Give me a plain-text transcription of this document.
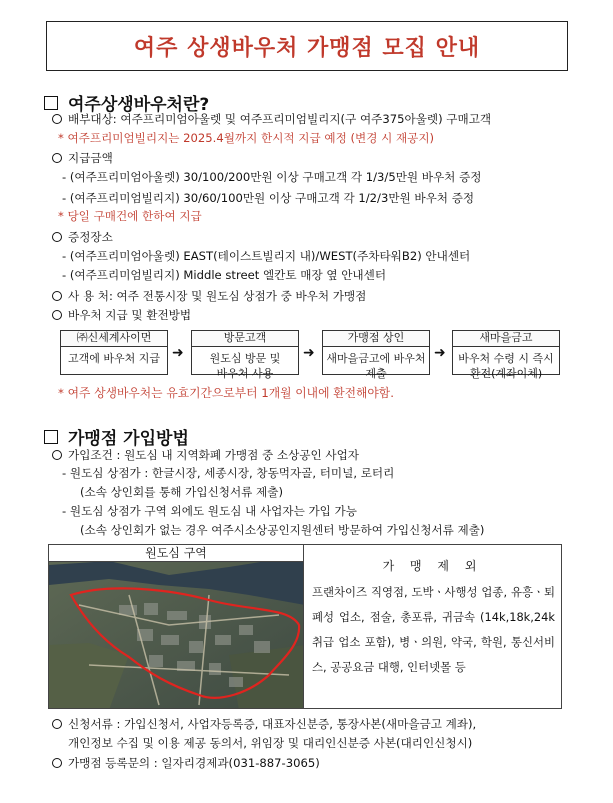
여주 상생바우처 가맹점 모집 안내
여주상생바우처란?
배부대상: 여주프리미엄아울렛 및 여주프리미엄빌리지(구 여주375아울렛) 구매고객
* 여주프리미엄빌리지는 2025.4월까지 한시적 지급 예정 (변경 시 재공지)
지급금액
- (여주프리미엄아울렛) 30/100/200만원 이상 구매고객 각 1/3/5만원 바우처 증정
- (여주프리미엄빌리지) 30/60/100만원 이상 구매고객 각 1/2/3만원 바우처 증정
* 당일 구매건에 한하여 지급
증정장소
- (여주프리미엄아울렛) EAST(테이스트빌리지 내)/WEST(주차타워B2) 안내센터
- (여주프리미엄빌리지) Middle street 엘칸토 매장 옆 안내센터
사 용 처: 여주 전통시장 및 원도심 상점가 중 바우처 가맹점
바우처 지급 및 환전방법
㈜신세계사이먼
고객에 바우처 지급 ➜
방문고객
원도심 방문 및
바우처 사용
➜
가맹점 상인
새마을금고에 바우처
제출
➜
새마을금고
바우처 수령 시 즉시
환전(계좌이체)
* 여주 상생바우처는 유효기간으로부터 1개월 이내에 환전해야함.
가맹점 가입방법
가입조건 : 원도심 내 지역화폐 가맹점 중 소상공인 사업자
- 원도심 상점가 : 한글시장, 세종시장, 창동먹자골, 터미널, 로터리
(소속 상인회를 통해 가입신청서류 제출)
- 원도심 상점가 구역 외에도 원도심 내 사업자는 가입 가능
(소속 상인회가 없는 경우 여주시소상공인지원센터 방문하여 가입신청서류 제출)
원도심 구역
가 맹 제 외
프랜차이즈 직영점, 도박ㆍ사행성 업종, 유흥ㆍ퇴폐성 업소, 점술, 총포류, 귀금속 (14k,18k,24k 취급 업소 포함), 병ㆍ의원, 약국, 학원, 통신서비스, 공공요금 대행, 인터넷몰 등
신청서류 : 가입신청서, 사업자등록증, 대표자신분증, 통장사본(새마을금고 계좌),
개인정보 수집 및 이용 제공 동의서, 위임장 및 대리인신분증 사본(대리인신청시)
가맹점 등록문의 : 일자리경제과(031-887-3065)
